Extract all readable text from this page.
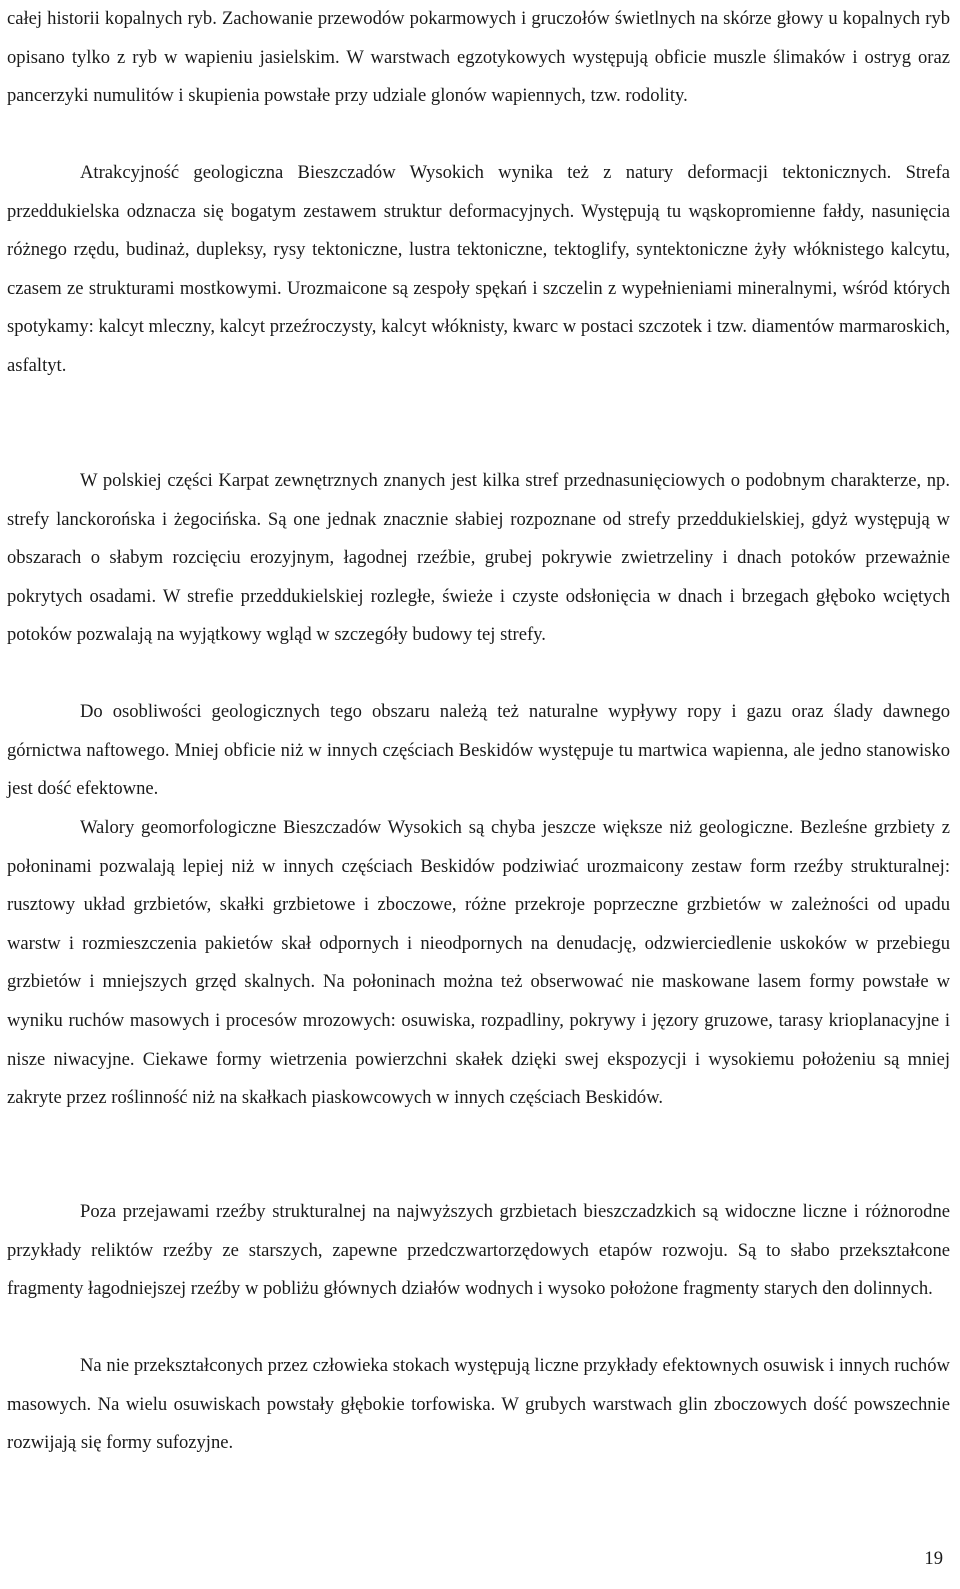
całej historii kopalnych ryb. Zachowanie przewodów pokarmowych i gruczołów świetlnych na skórze głowy u kopalnych ryb opisano tylko z ryb w wapieniu jasielskim. W warstwach egzotykowych występują obficie muszle ślimaków i ostryg oraz pancerzyki numulitów i skupienia powstałe przy udziale glonów wapiennych, tzw. rodolity.

Atrakcyjność geologiczna Bieszczadów Wysokich wynika też z natury deformacji tektonicznych. Strefa przeddukielska odznacza się bogatym zestawem struktur deformacyjnych. Występują tu wąskopromienne fałdy, nasunięcia różnego rzędu, budinaż, dupleksy, rysy tektoniczne, lustra tektoniczne, tektoglify, syntektoniczne żyły włóknistego kalcytu, czasem ze strukturami mostkowymi. Urozmaicone są zespoły spękań i szczelin z wypełnieniami mineralnymi, wśród których spotykamy: kalcyt mleczny, kalcyt przeźroczysty, kalcyt włóknisty, kwarc w postaci szczotek i tzw. diamentów marmaroskich, asfaltyt.

W polskiej części Karpat zewnętrznych znanych jest kilka stref przednasunięciowych o podobnym charakterze, np. strefy lanckorońska i żegocińska. Są one jednak znacznie słabiej rozpoznane od strefy przeddukielskiej, gdyż występują w obszarach o słabym rozcięciu erozyjnym, łagodnej rzeźbie, grubej pokrywie zwietrzeliny i dnach potoków przeważnie pokrytych osadami. W strefie przeddukielskiej rozległe, świeże i czyste odsłonięcia w dnach i brzegach głęboko wciętych potoków pozwalają na wyjątkowy wgląd w szczegóły budowy tej strefy.

Do osobliwości geologicznych tego obszaru należą też naturalne wypływy ropy i gazu oraz ślady dawnego górnictwa naftowego. Mniej obficie niż w innych częściach Beskidów występuje tu martwica wapienna, ale jedno stanowisko jest dość efektowne.

Walory geomorfologiczne Bieszczadów Wysokich są chyba jeszcze większe niż geologiczne. Bezleśne grzbiety z połoninami pozwalają lepiej niż w innych częściach Beskidów podziwiać urozmaicony zestaw form rzeźby strukturalnej: rusztowy układ grzbietów, skałki grzbietowe i zboczowe, różne przekroje poprzeczne grzbietów w zależności od upadu warstw i rozmieszczenia pakietów skał odpornych i nieodpornych na denudację, odzwierciedlenie uskoków w przebiegu grzbietów i mniejszych grzęd skalnych. Na połoninach można też obserwować nie maskowane lasem formy powstałe w wyniku ruchów masowych i procesów mrozowych: osuwiska, rozpadliny, pokrywy i jęzory gruzowe, tarasy krioplanacyjne i nisze niwacyjne. Ciekawe formy wietrzenia powierzchni skałek dzięki swej ekspozycji i wysokiemu położeniu są mniej zakryte przez roślinność niż na skałkach piaskowcowych w innych częściach Beskidów.

Poza przejawami rzeźby strukturalnej na najwyższych grzbietach bieszczadzkich są widoczne liczne i różnorodne przykłady reliktów rzeźby ze starszych, zapewne przedczwartorzędowych etapów rozwoju. Są to słabo przekształcone fragmenty łagodniejszej rzeźby w pobliżu głównych działów wodnych i wysoko położone fragmenty starych den dolinnych.

Na nie przekształconych przez człowieka stokach występują liczne przykłady efektownych osuwisk i innych ruchów masowych. Na wielu osuwiskach powstały głębokie torfowiska. W grubych warstwach glin zboczowych dość powszechnie rozwijają się formy sufozyjne.

19
